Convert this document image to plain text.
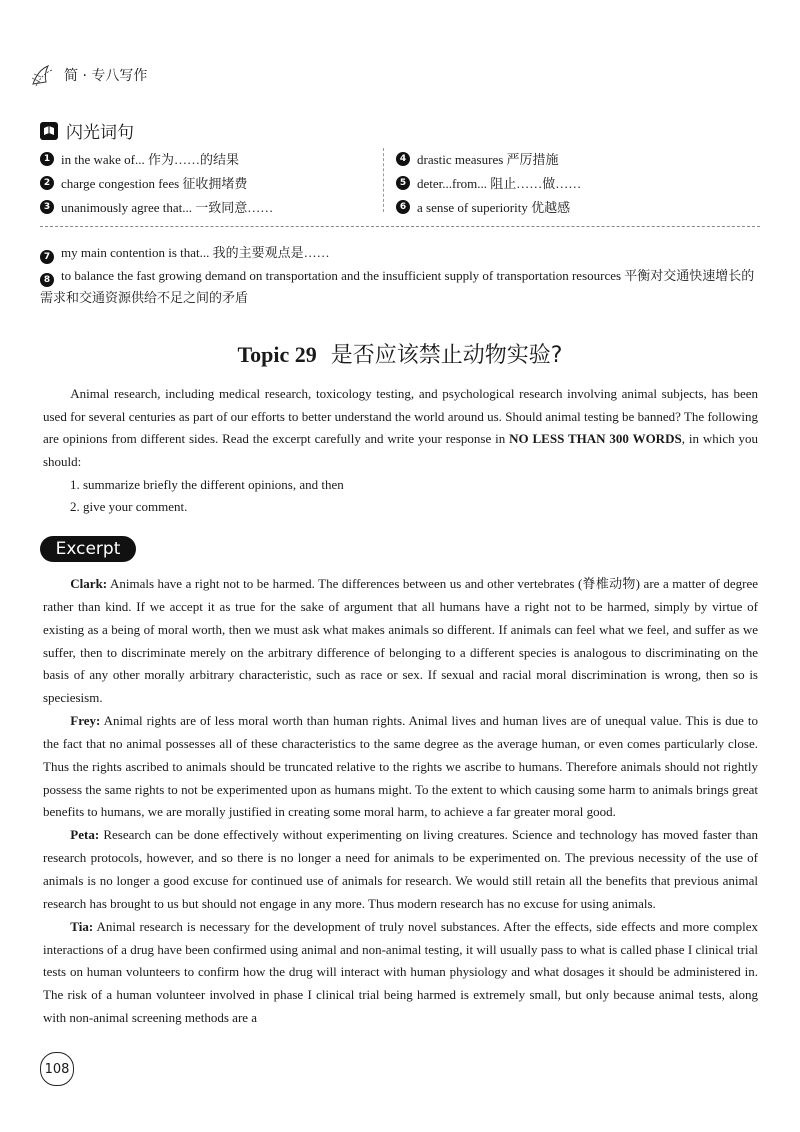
简 · 专八写作
闪光词句
1 in the wake of... 作为……的结果
2 charge congestion fees 征收拥堵费
3 unanimously agree that... 一致同意……
4 drastic measures 严厉措施
5 deter...from... 阻止……做……
6 a sense of superiority 优越感
7 my main contention is that... 我的主要观点是……
8 to balance the fast growing demand on transportation and the insufficient supply of transportation resources 平衡对交通快速增长的需求和交通资源供给不足之间的矛盾
Topic 29 是否应该禁止动物实验?

Animal research, including medical research, toxicology testing, and psychological research involving animal subjects, has been used for several centuries as part of our efforts to better understand the world around us. Should animal testing be banned? The following are opinions from different sides. Read the excerpt carefully and write your response in NO LESS THAN 300 WORDS, in which you should:

1. summarize briefly the different opinions, and then
2. give your comment.
Excerpt

Clark: Animals have a right not to be harmed. The differences between us and other vertebrates (脊椎动物) are a matter of degree rather than kind. If we accept it as true for the sake of argument that all humans have a right not to be harmed, simply by virtue of existing as a being of moral worth, then we must ask what makes animals so different. If animals can feel what we feel, and suffer as we suffer, then to discriminate merely on the arbitrary difference of belonging to a different species is analogous to discriminating on the basis of any other morally arbitrary characteristic, such as race or sex. If sexual and racial moral discrimination is wrong, then so is speciesism.

Frey: Animal rights are of less moral worth than human rights. Animal lives and human lives are of unequal value. This is due to the fact that no animal possesses all of these characteristics to the same degree as the average human, or even comes particularly close. Thus the rights ascribed to animals should be truncated relative to the rights we ascribe to humans. Therefore animals should not rightly possess the same rights to not be experimented upon as humans might. To the extent to which causing some harm to animals brings great benefits to humans, we are morally justified in creating some moral harm, to achieve a far greater moral good.

Peta: Research can be done effectively without experimenting on living creatures. Science and technology has moved faster than research protocols, however, and so there is no longer a need for animals to be experimented on. The previous necessity of the use of animals is no longer a good excuse for continued use of animals for research. We would still retain all the benefits that previous animal research has brought to us but should not engage in any more. Thus modern research has no excuse for using animals.

Tia: Animal research is necessary for the development of truly novel substances. After the effects, side effects and more complex interactions of a drug have been confirmed using animal and non-animal testing, it will usually pass to what is called phase I clinical trial tests on human volunteers to confirm how the drug will interact with human physiology and what dosages it should be administered in. The risk of a human volunteer involved in phase I clinical trial being harmed is extremely small, but only because animal tests, along with non-animal screening methods are a

108
